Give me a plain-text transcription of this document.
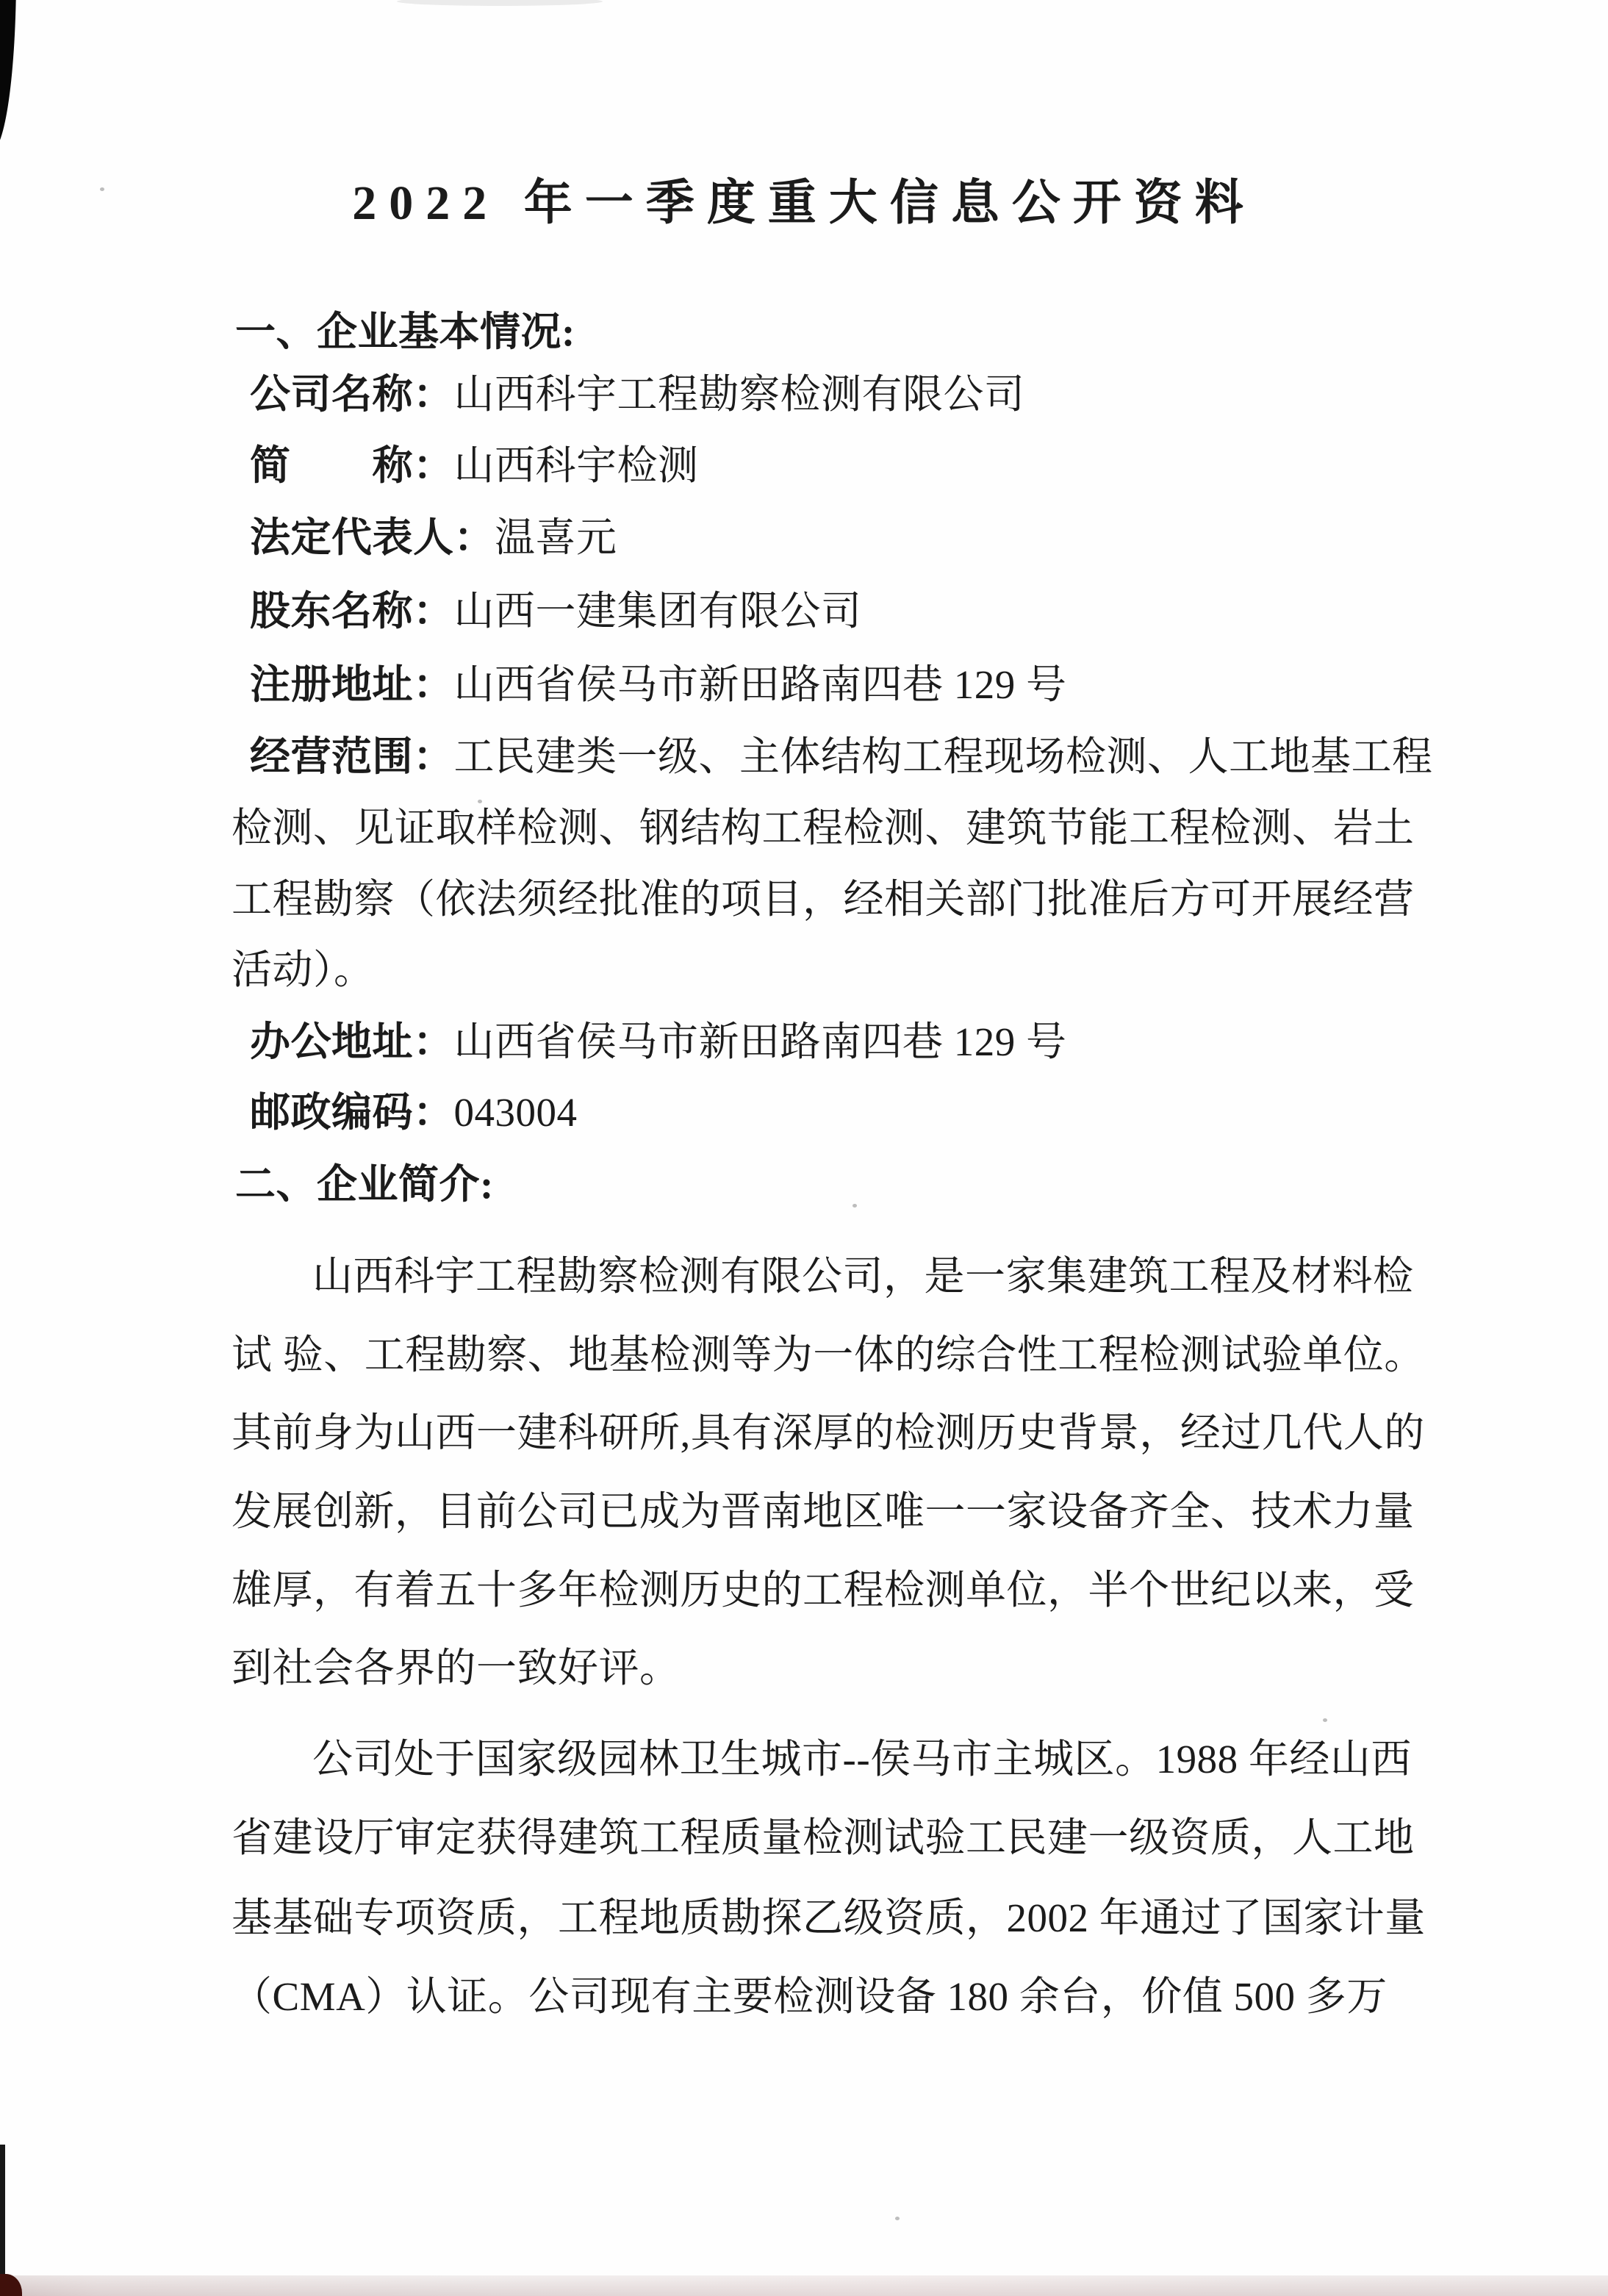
2022 年一季度重大信息公开资料
一、企业基本情况:
公司名称：山西科宇工程勘察检测有限公司
简　　称：山西科宇检测
法定代表人：温喜元
股东名称：山西一建集团有限公司
注册地址：山西省侯马市新田路南四巷 129 号
经营范围：工民建类一级、主体结构工程现场检测、人工地基工程
检测、见证取样检测、钢结构工程检测、建筑节能工程检测、岩土
工程勘察（依法须经批准的项目，经相关部门批准后方可开展经营
活动）。
办公地址：山西省侯马市新田路南四巷 129 号
邮政编码：043004
二、企业简介:
山西科宇工程勘察检测有限公司，是一家集建筑工程及材料检
试 验、工程勘察、地基检测等为一体的综合性工程检测试验单位。
其前身为山西一建科研所,具有深厚的检测历史背景，经过几代人的
发展创新，目前公司已成为晋南地区唯一一家设备齐全、技术力量
雄厚，有着五十多年检测历史的工程检测单位，半个世纪以来，受
到社会各界的一致好评。
公司处于国家级园林卫生城市--侯马市主城区。1988 年经山西
省建设厅审定获得建筑工程质量检测试验工民建一级资质，人工地
基基础专项资质，工程地质勘探乙级资质，2002 年通过了国家计量
（CMA）认证。公司现有主要检测设备 180 余台，价值 500 多万
